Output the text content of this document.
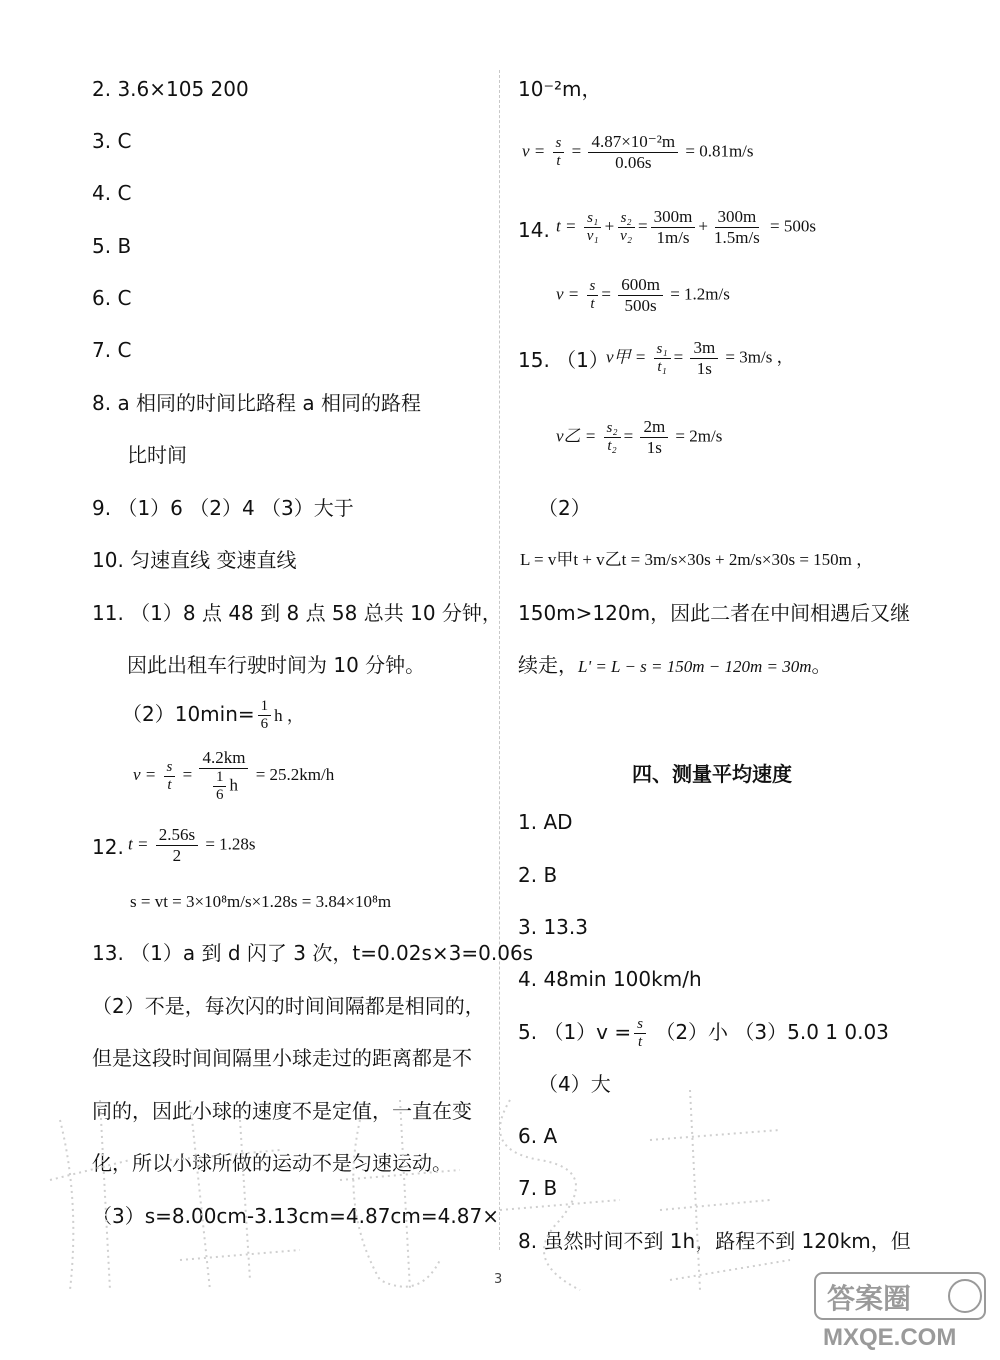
2. 3.6×105 200
3. C
4. C
5. B
6. C
7. C
8. a 相同的时间比路程 a 相同的路程
比时间
9. （1）6 （2）4 （3）大于
10. 匀速直线 变速直线
11. （1）8 点 48 到 8 点 58 总共 10 分钟，
因此出租车行驶时间为 10 分钟。
$(2)10\min= \frac{1}{6}$ h ，
$v = \frac{s}{t} = \frac{4.2km}{\frac{1}{6} h} = 25.2km/h$
12. $t = \frac{2.56s}{2} = 1.28s$
s = vt = 3×10⁸m/s×1.28s = 3.84×10⁸m
13. （1）a 到 d 闪了 3 次，t=0.02s×3=0.06s
（2）不是，每次闪的时间间隔都是相同的，
但是这段时间间隔里小球走过的距离都是不
同的，因此小球的速度不是定值，一直在变
化，所以小球所做的运动不是匀速运动。
（3）s=8.00cm-3.13cm=4.87cm=4.87×
10⁻²m，
$v = \frac{s}{t} = \frac{\text{4.87×10⁻²m}}{0.06s} = 0.81m/s$
14. $t = \frac{\text{s₁}}{\text{v₁}} + \frac{\text{s₂}}{\text{v₂}} = \frac{300m}{1m/s} + \frac{300m}{1.5m/s} = 500s$
$v = \frac{s}{t} = \frac{600m}{500s} = 1.2m/s$
15. （1）
v甲 = $\frac{\text{s₁}}{\text{t₁}} = \frac{3m}{1s} = 3m/s$ ，
v乙 = $\frac{\text{s₂}}{\text{t₂}} = \frac{2m}{1s} = 2m/s$
（2）
L = v甲t + v乙t = 3m/s×30s + 2m/s×30s = 150m ，
150m>120m，因此二者在中间相遇后又继
续走，L' = L − s = 150m − 120m = 30m。
四、测量平均速度
1. AD
2. B
3. 13.3
4. 48min 100km/h
5. $(1)v = \frac{s}{t} (2)$小 （3）5.0 1 0.03
（4）大
6. A
7. B
8. 虽然时间不到 1h，路程不到 120km，但
3
答案圈
MXQE.COM
